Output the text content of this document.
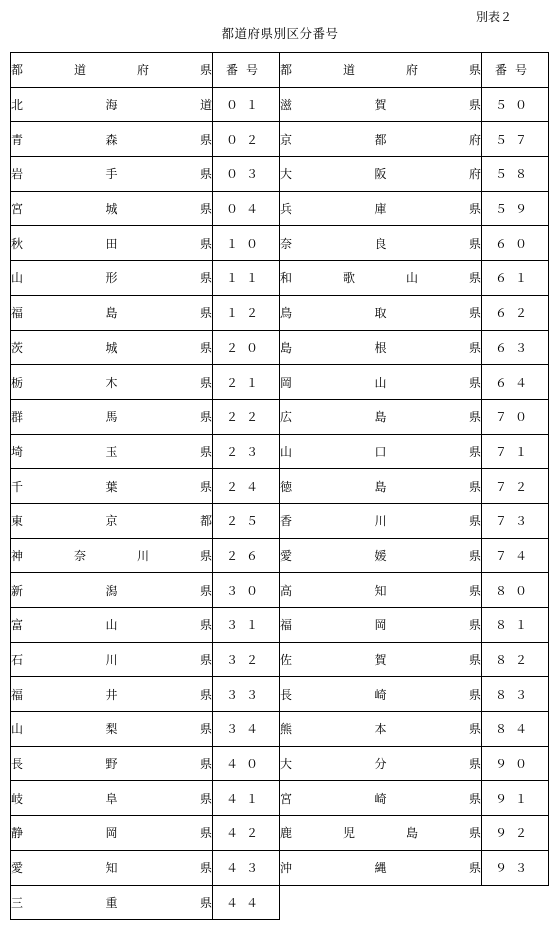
別表２
都道府県別区分番号
都 道 府 県	番号	都 道 府 県	番号

北 海 道	０１	滋 賀 県	５０

青 森 県	０２	京 都 府	５７

岩 手 県	０３	大 阪 府	５８

宮 城 県	０４	兵 庫 県	５９

秋 田 県	１０	奈 良 県	６０

山 形 県	１１	和 歌 山 県	６１

福 島 県	１２	鳥 取 県	６２

茨 城 県	２０	島 根 県	６３

栃 木 県	２１	岡 山 県	６４

群 馬 県	２２	広 島 県	７０

埼 玉 県	２３	山 口 県	７１

千 葉 県	２４	徳 島 県	７２

東 京 都	２５	香 川 県	７３

神 奈 川 県	２６	愛 媛 県	７４

新 潟 県	３０	高 知 県	８０

富 山 県	３１	福 岡 県	８１

石 川 県	３２	佐 賀 県	８２

福 井 県	３３	長 崎 県	８３

山 梨 県	３４	熊 本 県	８４

長 野 県	４０	大 分 県	９０

岐 阜 県	４１	宮 崎 県	９１

静 岡 県	４２	鹿 児 島 県	９２

愛 知 県	４３	沖 縄 県	９３

三 重 県	４４	
